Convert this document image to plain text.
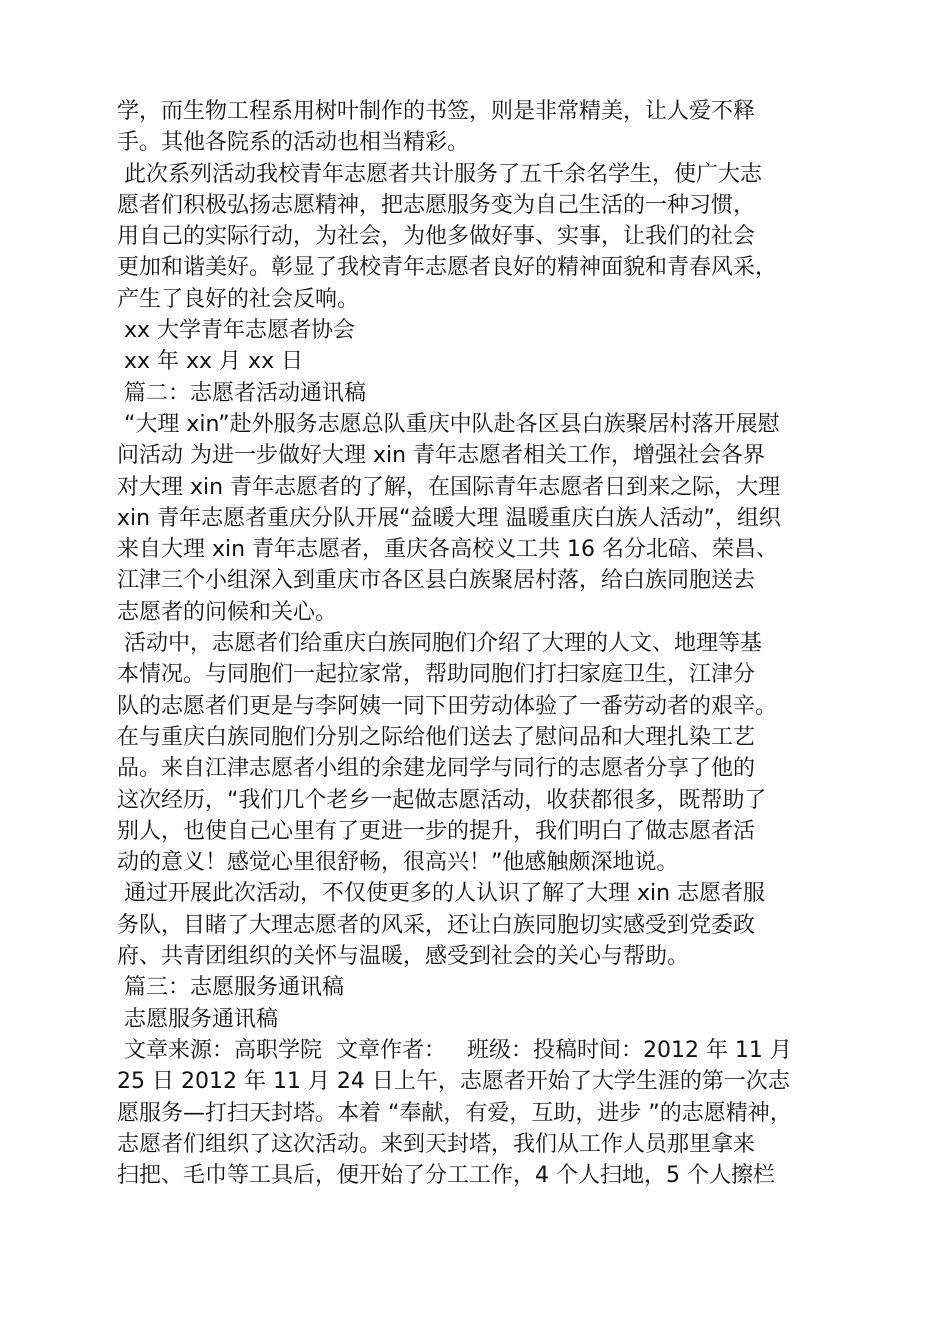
学，而生物工程系用树叶制作的书签，则是非常精美，让人爱不释
手。其他各院系的活动也相当精彩。
此次系列活动我校青年志愿者共计服务了五千余名学生，使广大志
愿者们积极弘扬志愿精神，把志愿服务变为自己生活的一种习惯，
用自己的实际行动，为社会，为他多做好事、实事，让我们的社会
更加和谐美好。彰显了我校青年志愿者良好的精神面貌和青春风采，
产生了良好的社会反响。
xx 大学青年志愿者协会
xx 年 xx 月 xx 日
篇二：志愿者活动通讯稿
“大理 xin”赴外服务志愿总队重庆中队赴各区县白族聚居村落开展慰
问活动 为进一步做好大理 xin 青年志愿者相关工作，增强社会各界
对大理 xin 青年志愿者的了解，在国际青年志愿者日到来之际，大理
xin 青年志愿者重庆分队开展“益暖大理 温暖重庆白族人活动”，组织
来自大理 xin 青年志愿者，重庆各高校义工共 16 名分北碚、荣昌、
江津三个小组深入到重庆市各区县白族聚居村落，给白族同胞送去
志愿者的问候和关心。
活动中，志愿者们给重庆白族同胞们介绍了大理的人文、地理等基
本情况。与同胞们一起拉家常，帮助同胞们打扫家庭卫生，江津分
队的志愿者们更是与李阿姨一同下田劳动体验了一番劳动者的艰辛。
在与重庆白族同胞们分别之际给他们送去了慰问品和大理扎染工艺
品。来自江津志愿者小组的余建龙同学与同行的志愿者分享了他的
这次经历，“我们几个老乡一起做志愿活动，收获都很多，既帮助了
别人，也使自己心里有了更进一步的提升，我们明白了做志愿者活
动的意义！感觉心里很舒畅，很高兴！”他感触颇深地说。
通过开展此次活动，不仅使更多的人认识了解了大理 xin 志愿者服
务队，目睹了大理志愿者的风采，还让白族同胞切实感受到党委政
府、共青团组织的关怀与温暖，感受到社会的关心与帮助。
篇三：志愿服务通讯稿
志愿服务通讯稿
文章来源：高职学院  文章作者：   班级：投稿时间：2012 年 11 月
25 日 2012 年 11 月 24 日上午，志愿者开始了大学生涯的第一次志
愿服务—打扫天封塔。本着 “奉献，有爱，互助，进步 ”的志愿精神，
志愿者们组织了这次活动。来到天封塔，我们从工作人员那里拿来
扫把、毛巾等工具后，便开始了分工工作，4 个人扫地，5 个人擦栏
